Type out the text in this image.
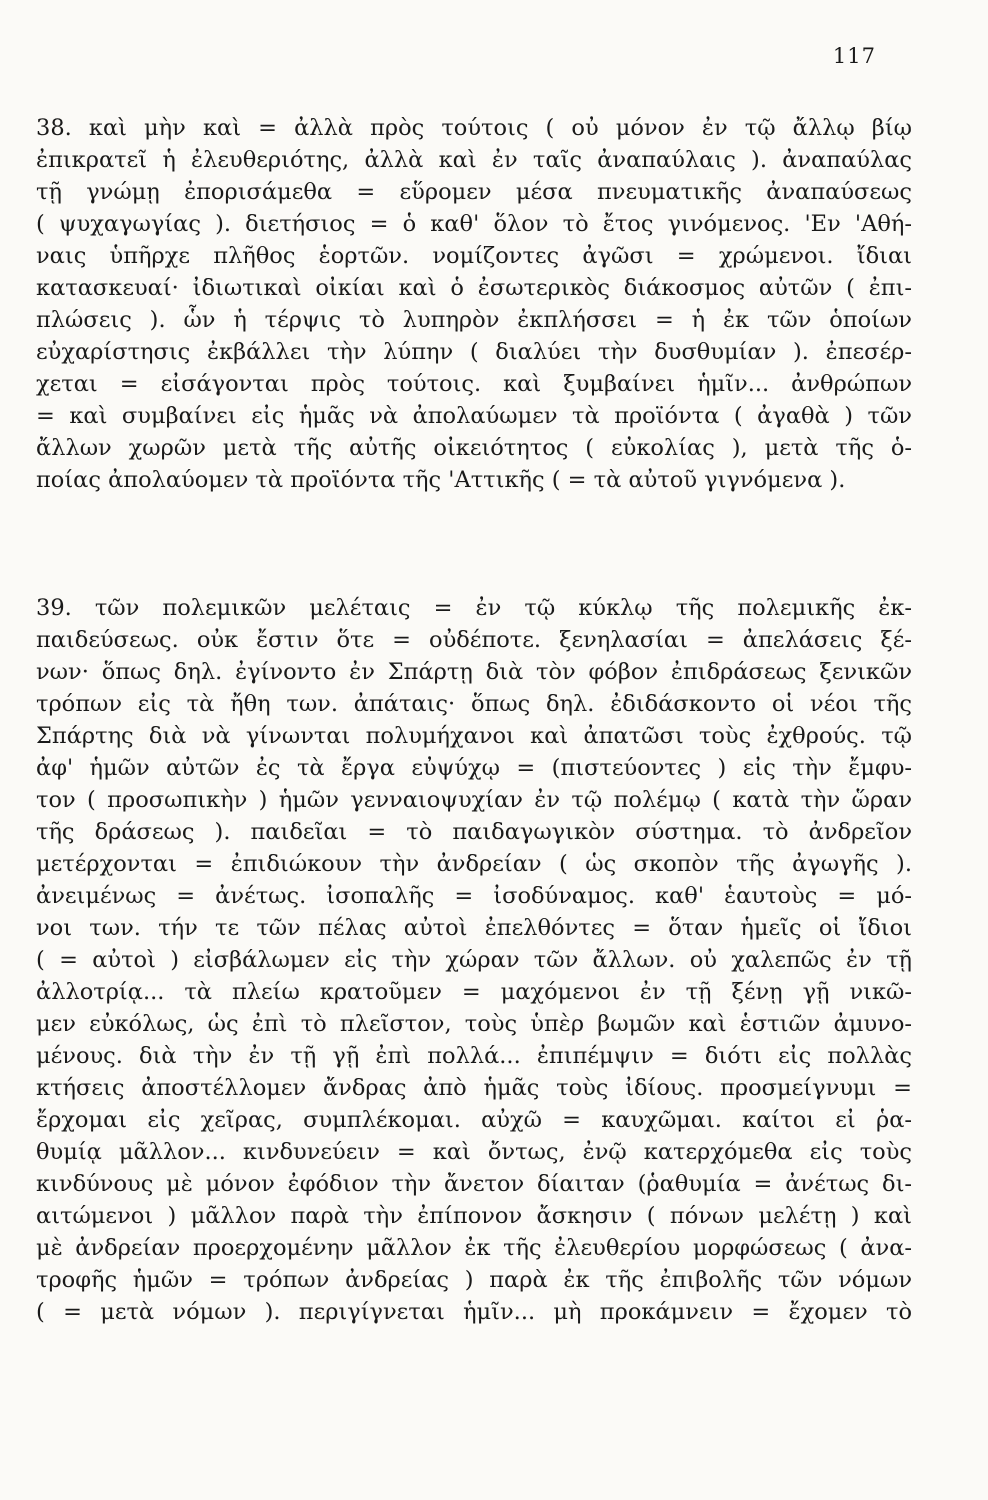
117
38. καὶ μὴν καὶ = ἀλλὰ πρὸς τούτοις ( οὐ μόνον ἐν τῷ ἄλλῳ βίῳ
ἐπικρατεῖ ἡ ἐλευθεριότης, ἀλλὰ καὶ ἐν ταῖς ἀναπαύλαις ). ἀναπαύλας
τῇ γνώμῃ ἐπορισάμεθα = εὕρομεν μέσα πνευματικῆς ἀναπαύσεως
( ψυχαγωγίας ). διετήσιος = ὁ καθ' ὅλον τὸ ἔτος γινόμενος. 'Εν 'Αθή-
ναις ὑπῆρχε πλῆθος ἑορτῶν. νομίζοντες ἀγῶσι = χρώμενοι. ἴδιαι
κατασκευαί· ἰδιωτικαὶ οἰκίαι καὶ ὁ ἐσωτερικὸς διάκοσμος αὐτῶν ( ἐπι-
πλώσεις ). ὧν ἡ τέρψις τὸ λυπηρὸν ἐκπλήσσει = ἡ ἐκ τῶν ὁποίων
εὐχαρίστησις ἐκβάλλει τὴν λύπην ( διαλύει τὴν δυσθυμίαν ). ἐπεσέρ-
χεται = εἰσάγονται πρὸς τούτοις. καὶ ξυμβαίνει ἡμῖν... ἀνθρώπων
= καὶ συμβαίνει εἰς ἡμᾶς νὰ ἀπολαύωμεν τὰ προϊόντα ( ἀγαθὰ ) τῶν
ἄλλων χωρῶν μετὰ τῆς αὐτῆς οἰκειότητος ( εὐκολίας ), μετὰ τῆς ὁ-
ποίας ἀπολαύομεν τὰ προϊόντα τῆς 'Αττικῆς ( = τὰ αὐτοῦ γιγνόμενα ).
39. τῶν πολεμικῶν μελέταις = ἐν τῷ κύκλῳ τῆς πολεμικῆς ἐκ-
παιδεύσεως. οὐκ ἔστιν ὅτε = οὐδέποτε. ξενηλασίαι = ἀπελάσεις ξέ-
νων· ὅπως δηλ. ἐγίνοντο ἐν Σπάρτῃ διὰ τὸν φόβον ἐπιδράσεως ξενικῶν
τρόπων εἰς τὰ ἤθη των. ἀπάταις· ὅπως δηλ. ἐδιδάσκοντο οἱ νέοι τῆς
Σπάρτης διὰ νὰ γίνωνται πολυμήχανοι καὶ ἀπατῶσι τοὺς ἐχθρούς. τῷ
ἀφ' ἡμῶν αὐτῶν ἐς τὰ ἔργα εὐψύχῳ = (πιστεύοντες ) εἰς τὴν ἔμφυ-
τον ( προσωπικὴν ) ἡμῶν γενναιοψυχίαν ἐν τῷ πολέμῳ ( κατὰ τὴν ὥραν
τῆς δράσεως ). παιδεῖαι = τὸ παιδαγωγικὸν σύστημα. τὸ ἀνδρεῖον
μετέρχονται = ἐπιδιώκουν τὴν ἀνδρείαν ( ὡς σκοπὸν τῆς ἀγωγῆς ).
ἀνειμένως = ἀνέτως. ἰσοπαλῆς = ἰσοδύναμος. καθ' ἑαυτοὺς = μό-
νοι των. τήν τε τῶν πέλας αὐτοὶ ἐπελθόντες = ὅταν ἡμεῖς οἱ ἴδιοι
( = αὐτοὶ ) εἰσβάλωμεν εἰς τὴν χώραν τῶν ἄλλων. οὐ χαλεπῶς ἐν τῇ
ἀλλοτρίᾳ... τὰ πλείω κρατοῦμεν = μαχόμενοι ἐν τῇ ξένῃ γῇ νικῶ-
μεν εὐκόλως, ὡς ἐπὶ τὸ πλεῖστον, τοὺς ὑπὲρ βωμῶν καὶ ἑστιῶν ἀμυνο-
μένους. διὰ τὴν ἐν τῇ γῇ ἐπὶ πολλά... ἐπιπέμψιν = διότι εἰς πολλὰς
κτήσεις ἀποστέλλομεν ἄνδρας ἀπὸ ἡμᾶς τοὺς ἰδίους. προσμείγνυμι =
ἔρχομαι εἰς χεῖρας, συμπλέκομαι. αὐχῶ = καυχῶμαι. καίτοι εἰ ῥα-
θυμίᾳ μᾶλλον... κινδυνεύειν = καὶ ὄντως, ἐνῷ κατερχόμεθα εἰς τοὺς
κινδύνους μὲ μόνον ἐφόδιον τὴν ἄνετον δίαιταν (ῥαθυμία = ἀνέτως δι-
αιτώμενοι ) μᾶλλον παρὰ τὴν ἐπίπονον ἄσκησιν ( πόνων μελέτῃ ) καὶ
μὲ ἀνδρείαν προερχομένην μᾶλλον ἐκ τῆς ἐλευθερίου μορφώσεως ( ἀνα-
τροφῆς ἡμῶν = τρόπων ἀνδρείας ) παρὰ ἐκ τῆς ἐπιβολῆς τῶν νόμων
( = μετὰ νόμων ). περιγίγνεται ἡμῖν... μὴ προκάμνειν = ἔχομεν τὸ
